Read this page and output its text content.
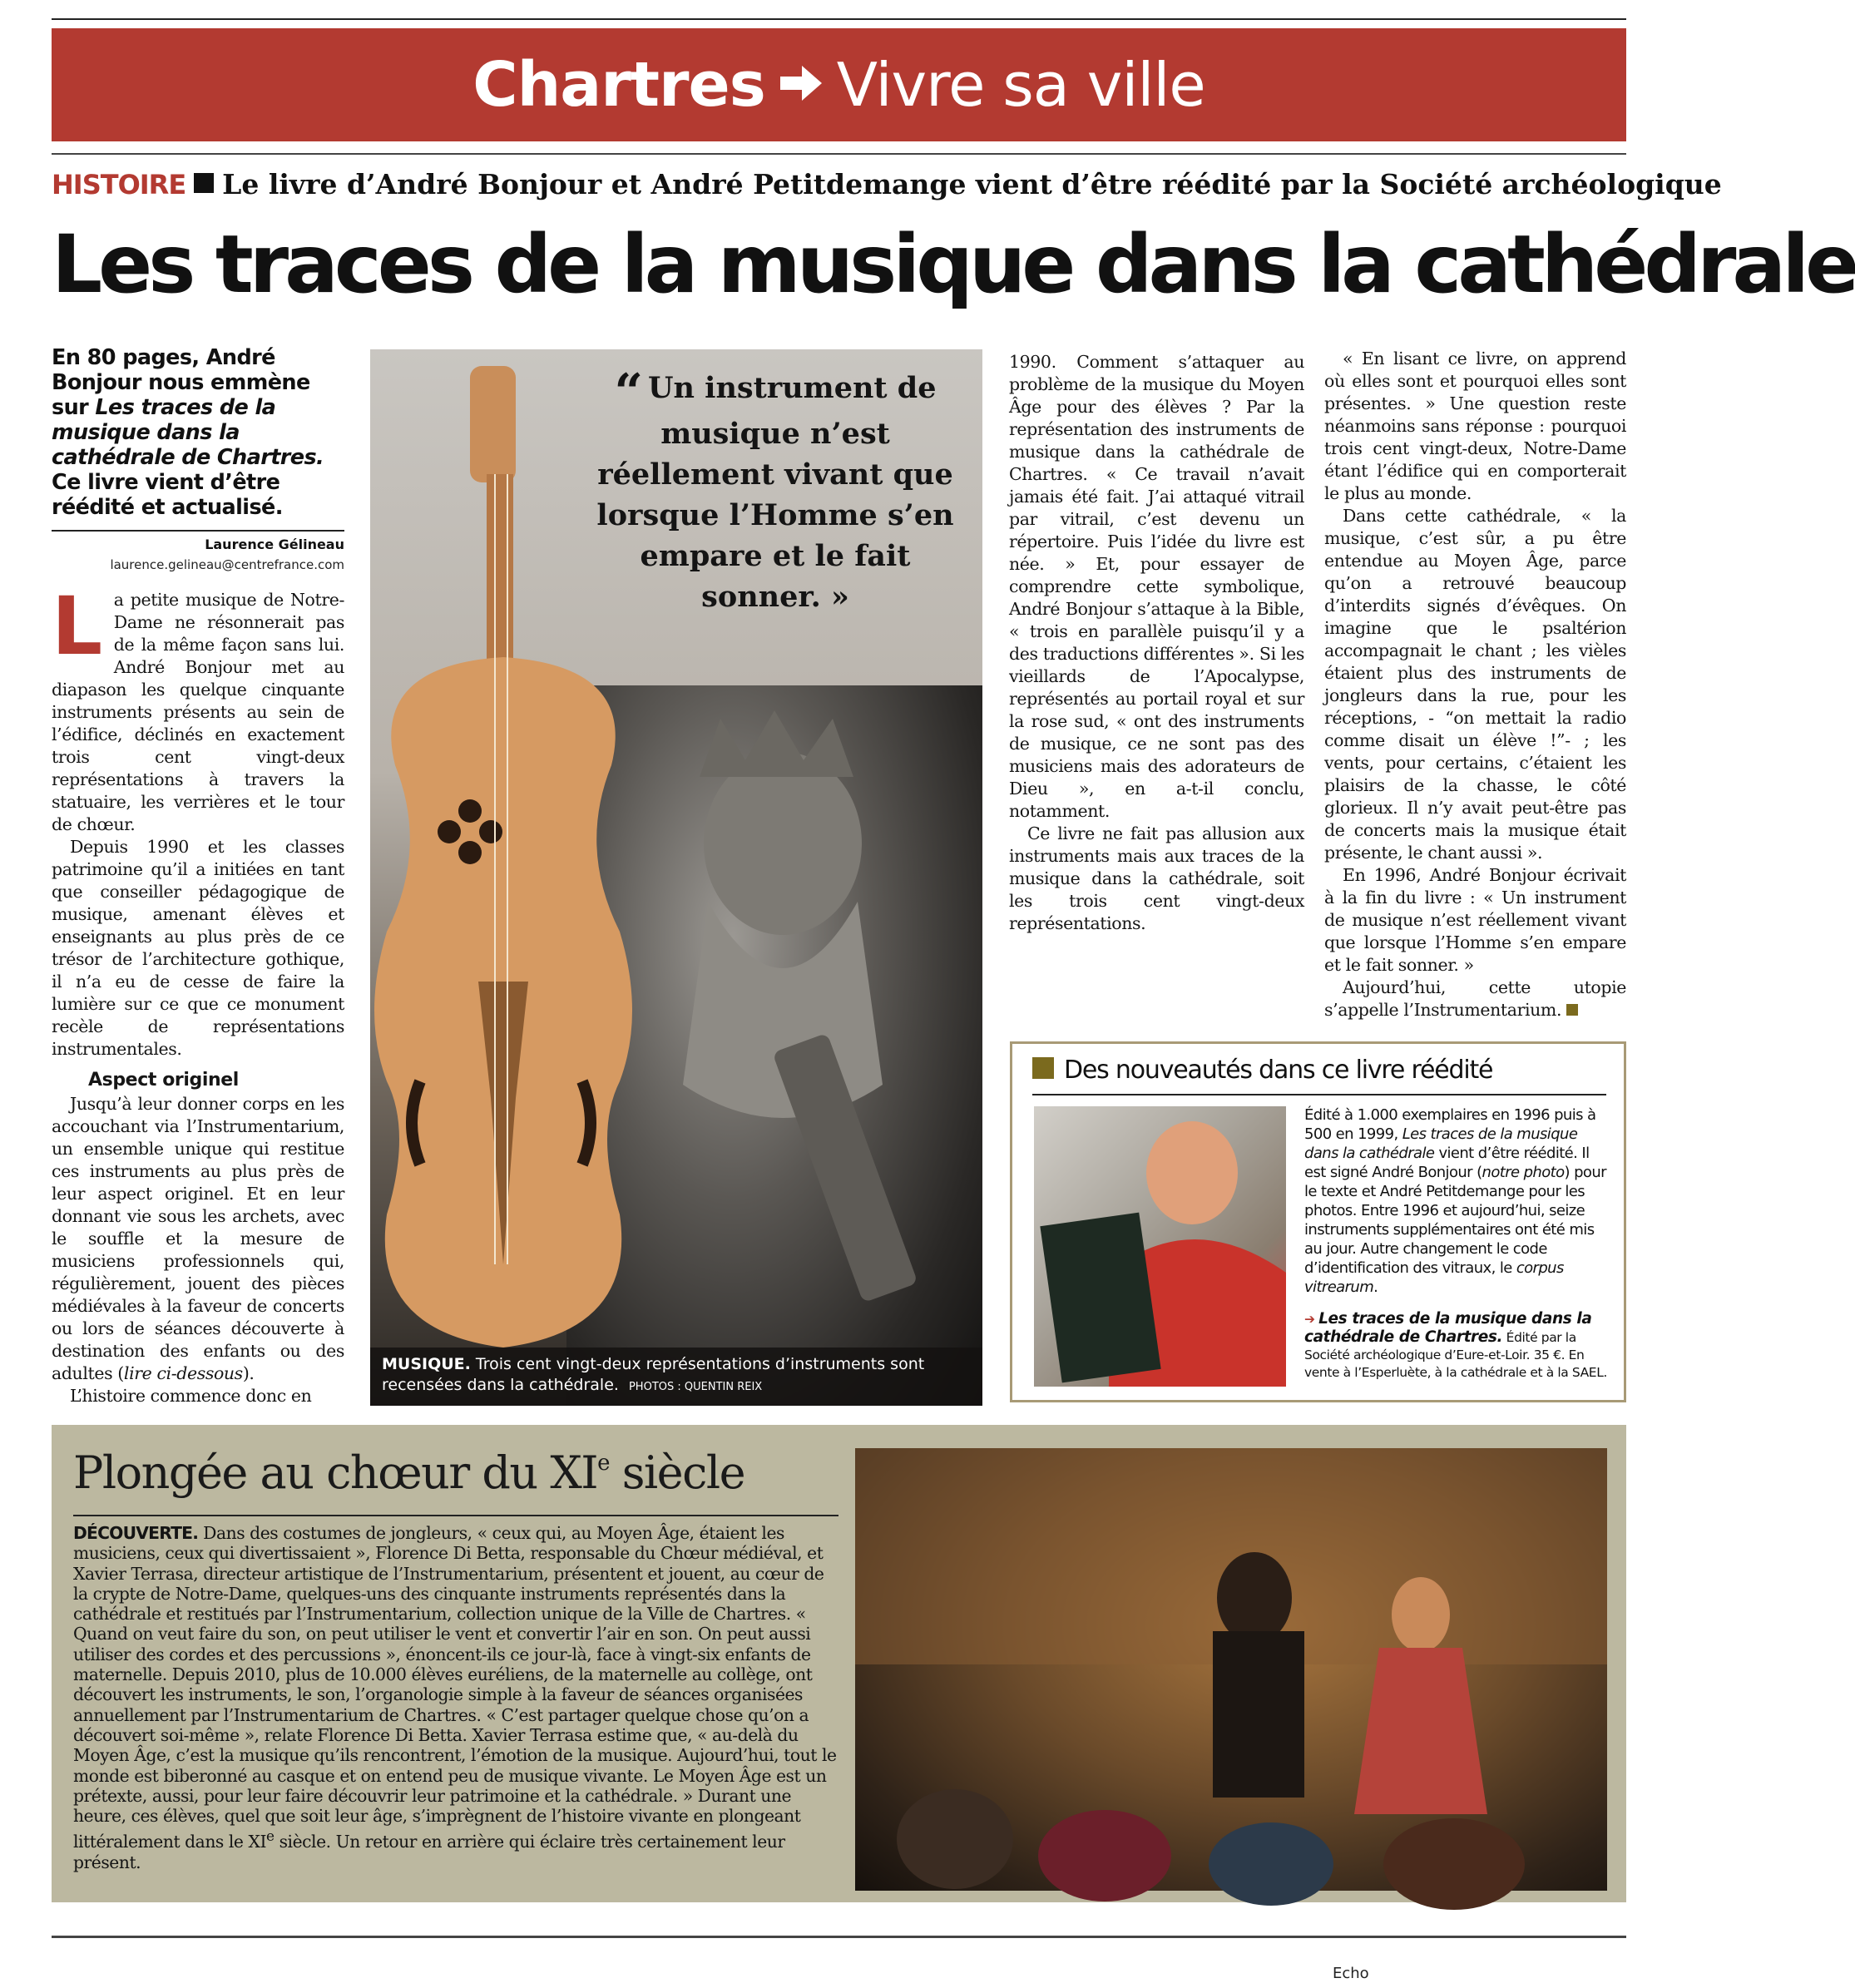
Chartres Vivre sa ville
HISTOIRE Le livre d’André Bonjour et André Petitdemange vient d’être réédité par la Société archéologique
Les traces de la musique dans la cathédrale
En 80 pages, André Bonjour nous emmène sur Les traces de la musique dans la cathédrale de Chartres. Ce livre vient d’être réédité et actualisé.
Laurence Gélineau
laurence.gelineau@centrefrance.com

La petite musique de Notre-Dame ne résonnerait pas de la même façon sans lui. André Bonjour met au diapason les quelque cinquante instruments présents au sein de l’édifice, déclinés en exactement trois cent vingt-deux représentations à travers la statuaire, les verrières et le tour de chœur.

Depuis 1990 et les classes patrimoine qu’il a initiées en tant que conseiller pédagogique de musique, amenant élèves et enseignants au plus près de ce trésor de l’architecture gothique, il n’a eu de cesse de faire la lumière sur ce que ce monument recèle de représentations instrumentales.

Aspect originel

Jusqu’à leur donner corps en les accouchant via l’Instrumentarium, un ensemble unique qui restitue ces instruments au plus près de leur aspect originel. Et en leur donnant vie sous les archets, avec le souffle et la mesure de musiciens professionnels qui, régulièrement, jouent des pièces médiévales à la faveur de concerts ou lors de séances découverte à destination des enfants ou des adultes (lire ci-dessous).

L’histoire commence donc en

“ Un instrument de musique n’est réellement vivant que lorsque l’Homme s’en empare et le fait sonner. »
MUSIQUE. Trois cent vingt-deux représentations d’instruments sont recensées dans la cathédrale. PHOTOS : QUENTIN REIX

1990. Comment s’attaquer au problème de la musique du Moyen Âge pour des élèves ? Par la représentation des instruments de musique dans la cathédrale de Chartres. « Ce travail n’avait jamais été fait. J’ai attaqué vitrail par vitrail, c’est devenu un répertoire. Puis l’idée du livre est née. » Et, pour essayer de comprendre cette symbolique, André Bonjour s’attaque à la Bible, « trois en parallèle puisqu’il y a des traductions différentes ». Si les vieillards de l’Apocalypse, représentés au portail royal et sur la rose sud, « ont des instruments de musique, ce ne sont pas des musiciens mais des adorateurs de Dieu », en a-t-il conclu, notamment.

Ce livre ne fait pas allusion aux instruments mais aux traces de la musique dans la cathédrale, soit les trois cent vingt-deux représentations.

« En lisant ce livre, on apprend où elles sont et pourquoi elles sont présentes. » Une question reste néanmoins sans réponse : pourquoi trois cent vingt-deux, Notre-Dame étant l’édifice qui en comporterait le plus au monde.

Dans cette cathédrale, « la musique, c’est sûr, a pu être entendue au Moyen Âge, parce qu’on a retrouvé beaucoup d’interdits signés d’évêques. On imagine que le psaltérion accompagnait le chant ; les vièles étaient plus des instruments de jongleurs dans la rue, pour les réceptions, - “on mettait la radio comme disait un élève !”- ; les vents, pour certains, c’étaient les plaisirs de la chasse, le côté glorieux. Il n’y avait peut-être pas de concerts mais la musique était présente, le chant aussi ».

En 1996, André Bonjour écrivait à la fin du livre : « Un instrument de musique n’est réellement vivant que lorsque l’Homme s’en empare et le fait sonner. »

Aujourd’hui, cette utopie s’appelle l’Instrumentarium.

Des nouveautés dans ce livre réédité
Édité à 1.000 exemplaires en 1996 puis à 500 en 1999, Les traces de la musique dans la cathédrale vient d’être réédité. Il est signé André Bonjour (notre photo) pour le texte et André Petitdemange pour les photos. Entre 1996 et aujourd’hui, seize instruments supplémentaires ont été mis au jour. Autre changement le code d’identification des vitraux, le corpus vitrearum.
➔ Les traces de la musique dans la cathédrale de Chartres. Édité par la Société archéologique d’Eure-et-Loir. 35 €. En vente à l’Esperluète, à la cathédrale et à la SAEL.
Plongée au chœur du XIe siècle
DÉCOUVERTE. Dans des costumes de jongleurs, « ceux qui, au Moyen Âge, étaient les musiciens, ceux qui divertissaient », Florence Di Betta, responsable du Chœur médiéval, et Xavier Terrasa, directeur artistique de l’Instrumentarium, présentent et jouent, au cœur de la crypte de Notre-Dame, quelques-uns des cinquante instruments représentés dans la cathédrale et restitués par l’Instrumentarium, collection unique de la Ville de Chartres. « Quand on veut faire du son, on peut utiliser le vent et convertir l’air en son. On peut aussi utiliser des cordes et des percussions », énoncent-ils ce jour-là, face à vingt-six enfants de maternelle. Depuis 2010, plus de 10.000 élèves euréliens, de la maternelle au collège, ont découvert les instruments, le son, l’organologie simple à la faveur de séances organisées annuellement par l’Instrumentarium de Chartres. « C’est partager quelque chose qu’on a découvert soi-même », relate Florence Di Betta. Xavier Terrasa estime que, « au-delà du Moyen Âge, c’est la musique qu’ils rencontrent, l’émotion de la musique. Aujourd’hui, tout le monde est biberonné au casque et on entend peu de musique vivante. Le Moyen Âge est un prétexte, aussi, pour leur faire découvrir leur patrimoine et la cathédrale. » Durant une heure, ces élèves, quel que soit leur âge, s’imprègnent de l’histoire vivante en plongeant littéralement dans le XIe siècle. Un retour en arrière qui éclaire très certainement leur présent.
Echo
